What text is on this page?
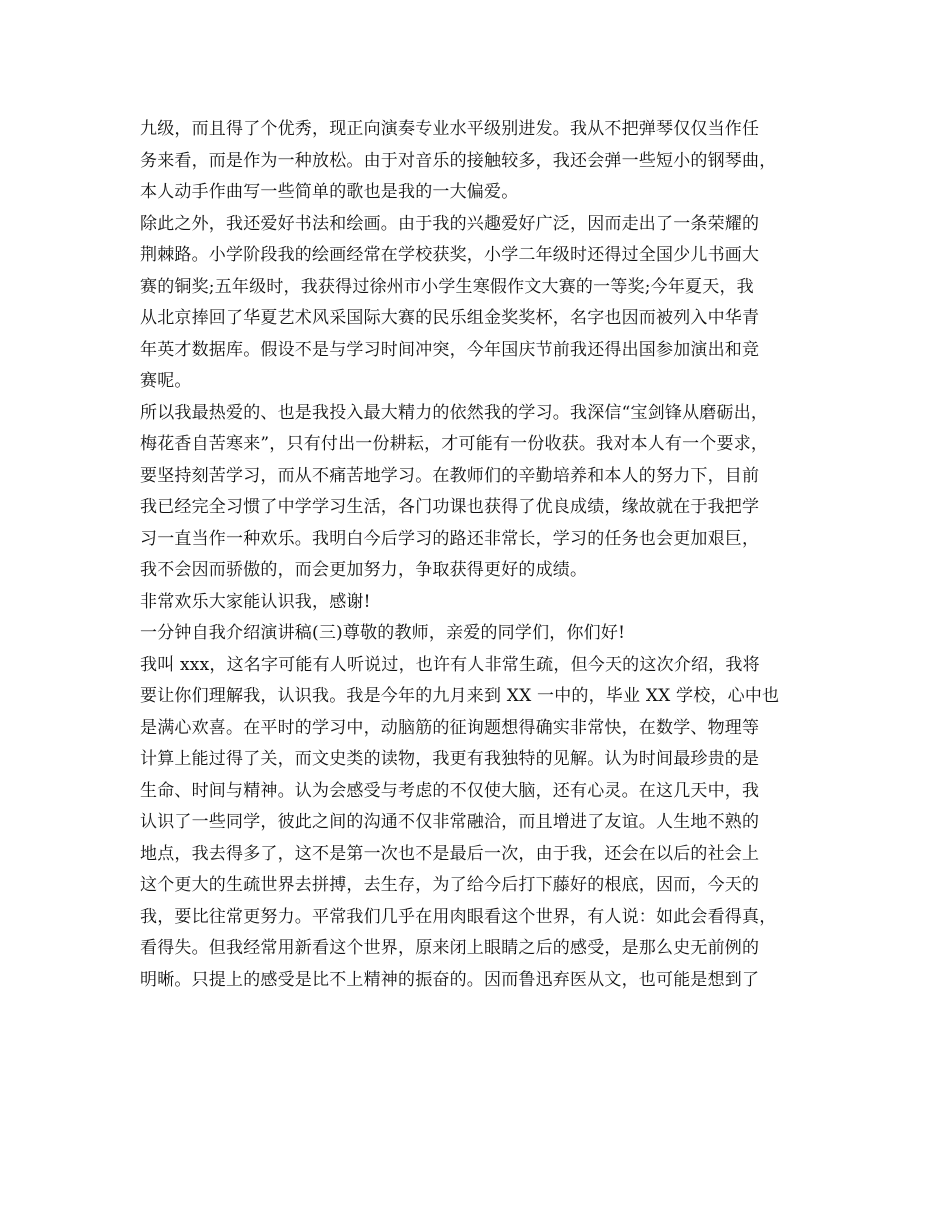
九级，而且得了个优秀，现正向演奏专业水平级别进发。我从不把弹琴仅仅当作任
务来看，而是作为一种放松。由于对音乐的接触较多，我还会弹一些短小的钢琴曲，
本人动手作曲写一些简单的歌也是我的一大偏爱。
除此之外，我还爱好书法和绘画。由于我的兴趣爱好广泛，因而走出了一条荣耀的
荆棘路。小学阶段我的绘画经常在学校获奖，小学二年级时还得过全国少儿书画大
赛的铜奖;五年级时，我获得过徐州市小学生寒假作文大赛的一等奖;今年夏天，我
从北京捧回了华夏艺术风采国际大赛的民乐组金奖奖杯，名字也因而被列入中华青
年英才数据库。假设不是与学习时间冲突，今年国庆节前我还得出国参加演出和竞
赛呢。
所以我最热爱的、也是我投入最大精力的依然我的学习。我深信“宝剑锋从磨砺出，
梅花香自苦寒来”，只有付出一份耕耘，才可能有一份收获。我对本人有一个要求，
要坚持刻苦学习，而从不痛苦地学习。在教师们的辛勤培养和本人的努力下，目前
我已经完全习惯了中学学习生活，各门功课也获得了优良成绩，缘故就在于我把学
习一直当作一种欢乐。我明白今后学习的路还非常长，学习的任务也会更加艰巨，
我不会因而骄傲的，而会更加努力，争取获得更好的成绩。
非常欢乐大家能认识我，感谢!
一分钟自我介绍演讲稿(三)尊敬的教师，亲爱的同学们，你们好!
我叫 xxx，这名字可能有人听说过，也许有人非常生疏，但今天的这次介绍，我将
要让你们理解我，认识我。我是今年的九月来到 XX 一中的，毕业 XX 学校，心中也
是满心欢喜。在平时的学习中，动脑筋的征询题想得确实非常快，在数学、物理等
计算上能过得了关，而文史类的读物，我更有我独特的见解。认为时间最珍贵的是
生命、时间与精神。认为会感受与考虑的不仅使大脑，还有心灵。在这几天中，我
认识了一些同学，彼此之间的沟通不仅非常融洽，而且增进了友谊。人生地不熟的
地点，我去得多了，这不是第一次也不是最后一次，由于我，还会在以后的社会上
这个更大的生疏世界去拼搏，去生存，为了给今后打下藤好的根底，因而，今天的
我，要比往常更努力。平常我们几乎在用肉眼看这个世界，有人说：如此会看得真，
看得失。但我经常用新看这个世界，原来闭上眼睛之后的感受，是那么史无前例的
明晰。只提上的感受是比不上精神的振奋的。因而鲁迅弃医从文，也可能是想到了
